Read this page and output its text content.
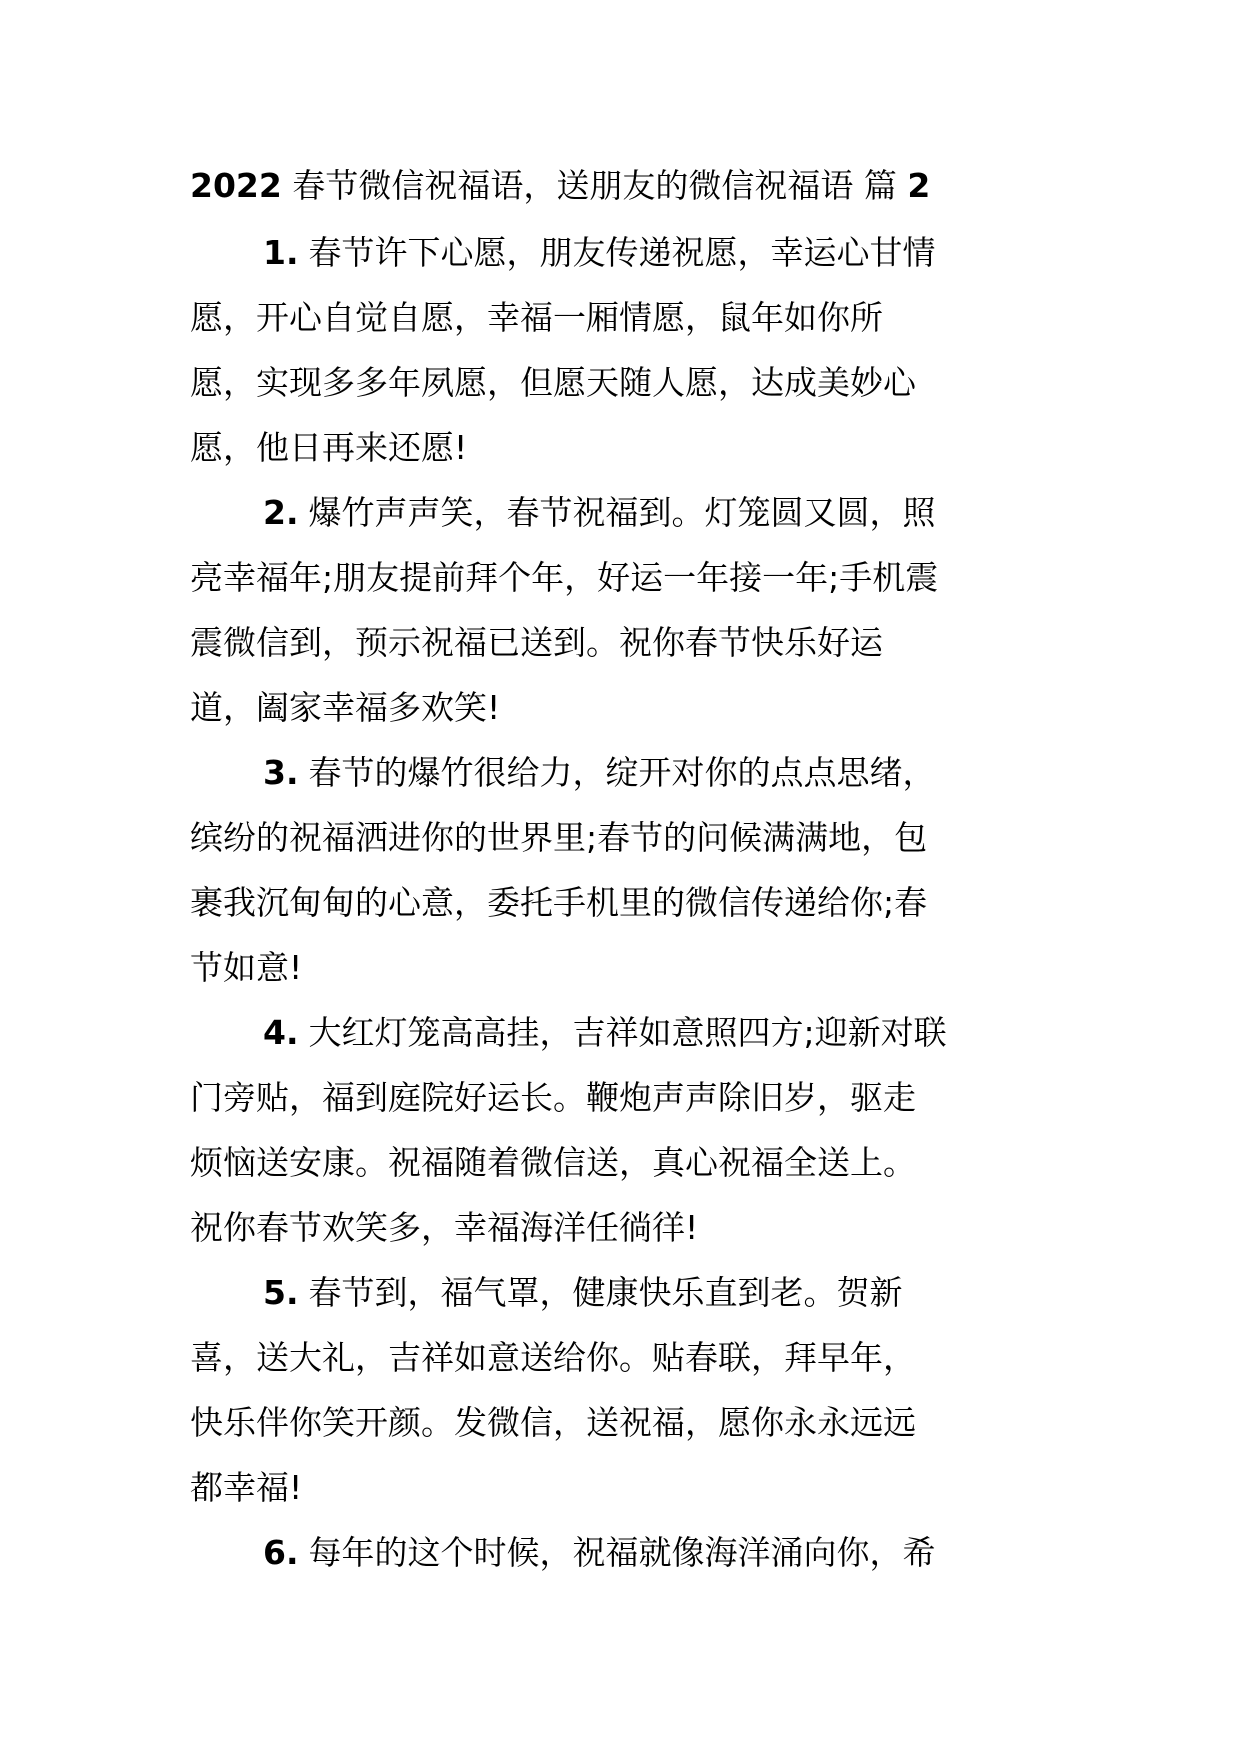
2022 春节微信祝福语，送朋友的微信祝福语 篇 2
1. 春节许下心愿，朋友传递祝愿，幸运心甘情
愿，开心自觉自愿，幸福一厢情愿，鼠年如你所
愿，实现多多年夙愿，但愿天随人愿，达成美妙心
愿，他日再来还愿!
2. 爆竹声声笑，春节祝福到。灯笼圆又圆，照
亮幸福年;朋友提前拜个年，好运一年接一年;手机震
震微信到，预示祝福已送到。祝你春节快乐好运
道，阖家幸福多欢笑!
3. 春节的爆竹很给力，绽开对你的点点思绪，
缤纷的祝福洒进你的世界里;春节的问候满满地，包
裹我沉甸甸的心意，委托手机里的微信传递给你;春
节如意!
4. 大红灯笼高高挂，吉祥如意照四方;迎新对联
门旁贴，福到庭院好运长。鞭炮声声除旧岁，驱走
烦恼送安康。祝福随着微信送，真心祝福全送上。
祝你春节欢笑多，幸福海洋任徜徉!
5. 春节到，福气罩，健康快乐直到老。贺新
喜，送大礼，吉祥如意送给你。贴春联，拜早年，
快乐伴你笑开颜。发微信，送祝福，愿你永永远远
都幸福!
6. 每年的这个时候，祝福就像海洋涌向你，希
